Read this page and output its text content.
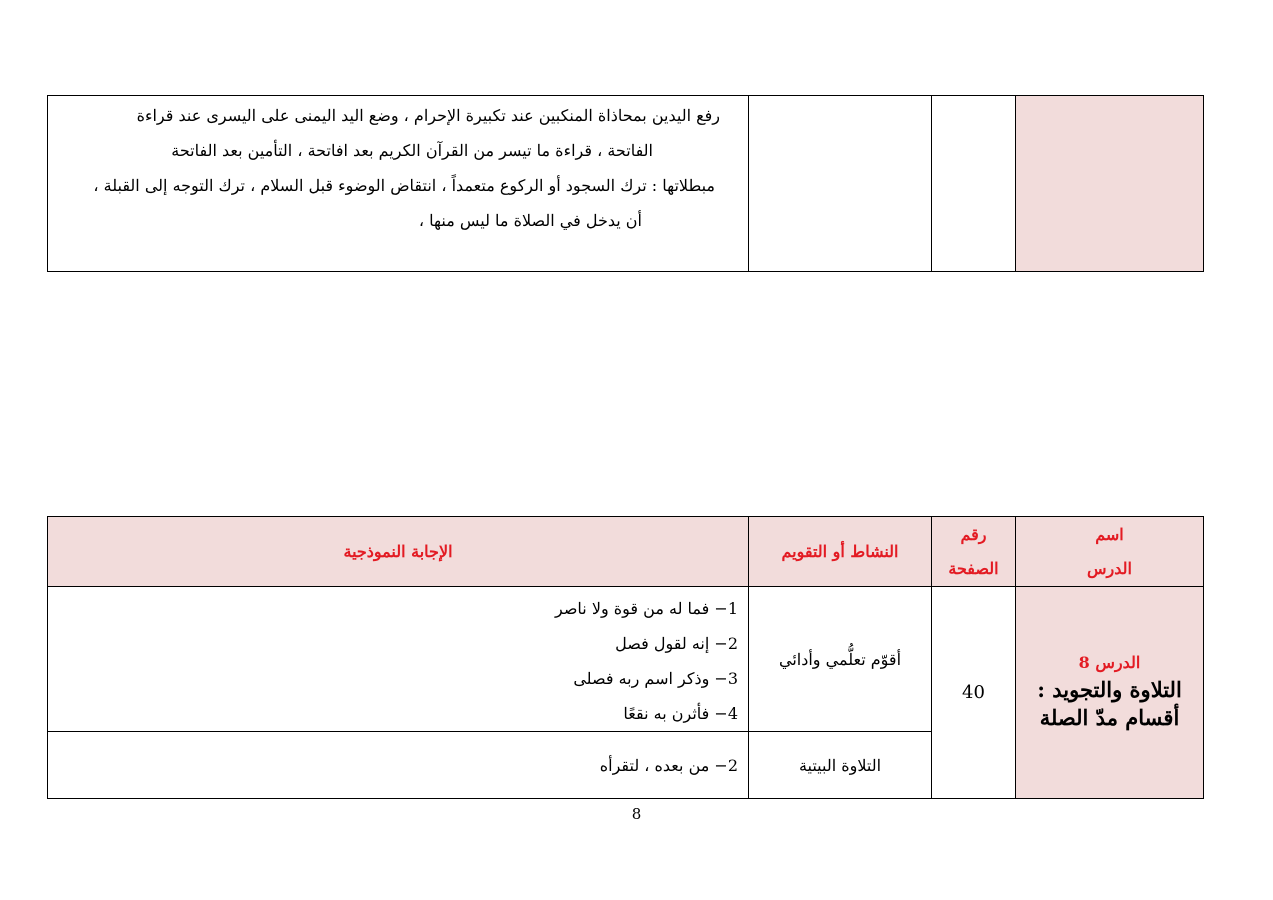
رفع اليدين بمحاذاة المنكبين عند تكبيرة الإحرام ، وضع اليد اليمنى على اليسرى عند قراءة
الفاتحة ، قراءة ما تيسر من القرآن الكريم بعد افاتحة ، التأمين بعد الفاتحة
مبطلاتها : ترك السجود أو الركوع متعمداً ، انتقاض الوضوء قبل السلام ، ترك التوجه إلى القبلة ،
أن يدخل في الصلاة ما ليس منها ،
اسم الدرس	رقم الصفحة	النشاط أو التقويم	الإجابة النموذجية

الدرس 8
التلاوة والتجويد :
أقسام مدّ الصلة	40	أقوّم تعلُّمي وأدائي	1− فما له من قوة ولا ناصر
2− إنه لقول فصل
3− وذكر اسم ربه فصلى
4− فأثرن به نقعًا

		التلاوة البيتية	2− من بعده ، لتقرأه
8
